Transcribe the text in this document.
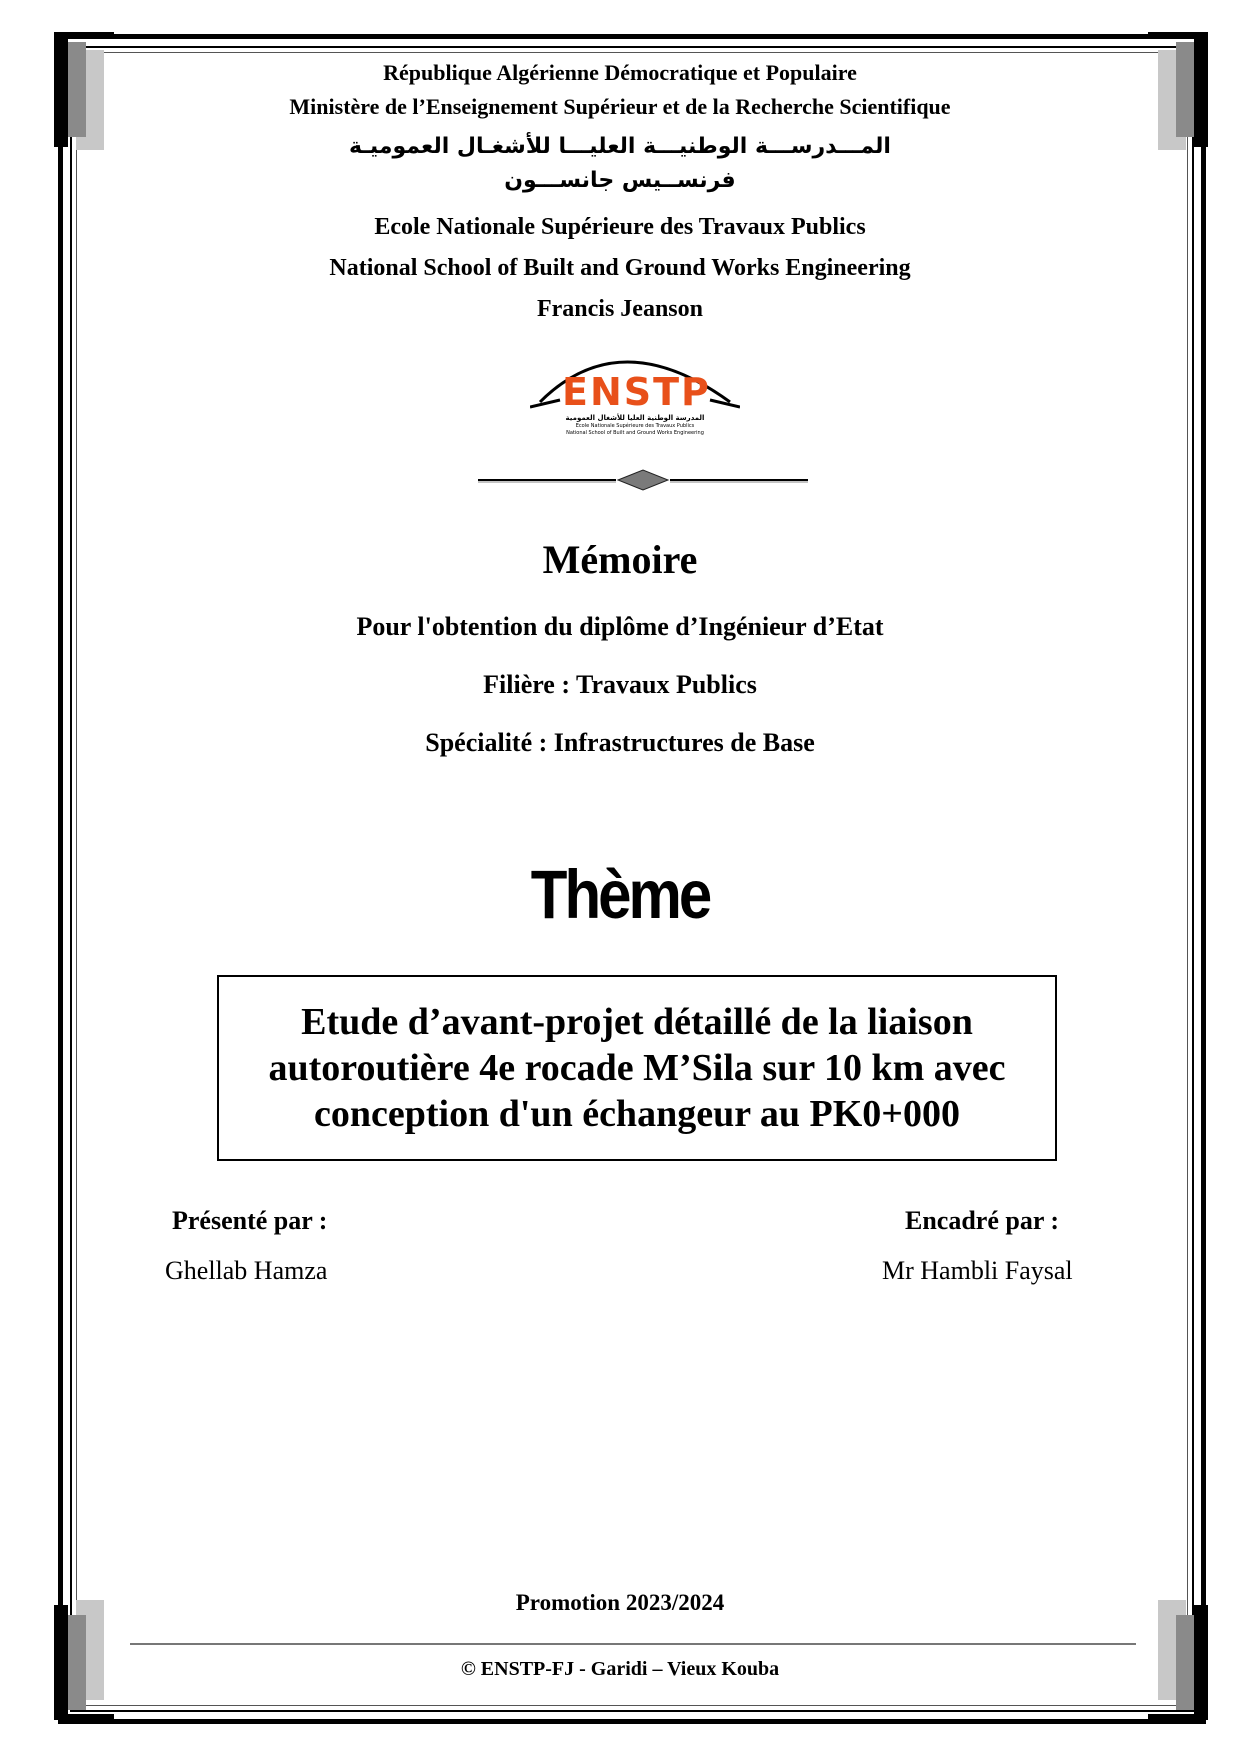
République Algérienne Démocratique et Populaire
Ministère de l’Enseignement Supérieur et de la Recherche Scientifique
المـــدرســـة الوطنيـــة العليـــا للأشغـال العموميـة
فرنســيس جانســـون
Ecole Nationale Supérieure des Travaux Publics
National School of Built and Ground Works Engineering
Francis Jeanson
ENSTP
المدرسة الوطنية العليا للأشغال العمومية
Ecole Nationale Supérieure des Travaux Publics
National School of Built and Ground Works Engineering
Mémoire
Pour l'obtention du diplôme d’Ingénieur d’Etat
Filière : Travaux Publics
Spécialité : Infrastructures de Base
Thème
Etude d’avant-projet détaillé de la liaison
autoroutière 4e rocade M’Sila sur 10 km avec
conception d'un échangeur au PK0+000
Présenté par :
Ghellab Hamza
Encadré par :
Mr Hambli Faysal
Promotion 2023/2024
© ENSTP-FJ - Garidi – Vieux Kouba
